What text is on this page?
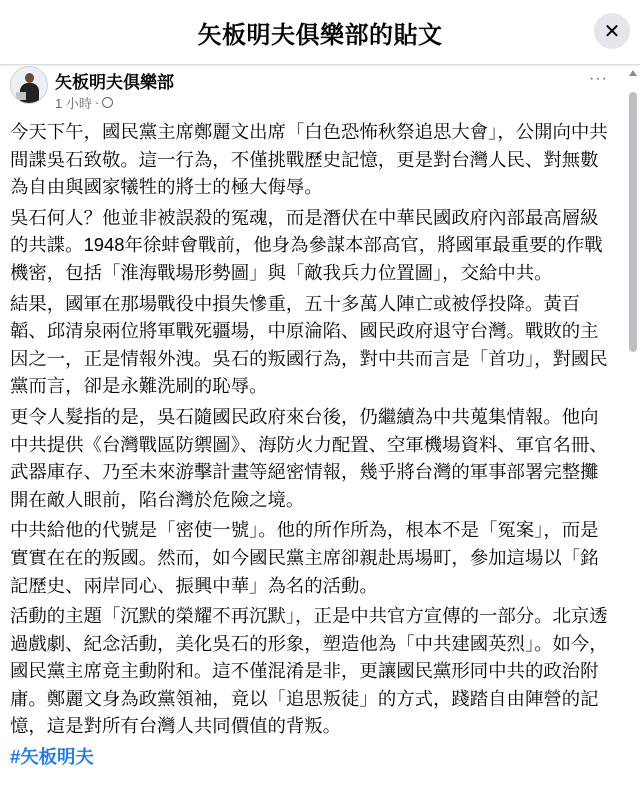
矢板明夫俱樂部的貼文	✕
矢板明夫俱樂部
1 小時 ·
···

今天下午，國民黨主席鄭麗文出席「白色恐怖秋祭追思大會」，公開向中共間諜吳石致敬。這一行為，不僅挑戰歷史記憶，更是對台灣人民、對無數為自由與國家犧牲的將士的極大侮辱。

吳石何人？他並非被誤殺的冤魂，而是潛伏在中華民國政府內部最高層級的共諜。1948年徐蚌會戰前，他身為參謀本部高官，將國軍最重要的作戰機密，包括「淮海戰場形勢圖」與「敵我兵力位置圖」，交給中共。

結果，國軍在那場戰役中損失慘重，五十多萬人陣亡或被俘投降。黃百韜、邱清泉兩位將軍戰死疆場，中原淪陷、國民政府退守台灣。戰敗的主因之一，正是情報外洩。吳石的叛國行為，對中共而言是「首功」，對國民黨而言，卻是永難洗刷的恥辱。

更令人髮指的是，吳石隨國民政府來台後，仍繼續為中共蒐集情報。他向中共提供《台灣戰區防禦圖》、海防火力配置、空軍機場資料、軍官名冊、武器庫存、乃至未來游擊計畫等絕密情報，幾乎將台灣的軍事部署完整攤開在敵人眼前，陷台灣於危險之境。

中共給他的代號是「密使一號」。他的所作所為，根本不是「冤案」，而是實實在在的叛國。然而，如今國民黨主席卻親赴馬場町，參加這場以「銘記歷史、兩岸同心、振興中華」為名的活動。

活動的主題「沉默的榮耀不再沉默」，正是中共官方宣傳的一部分。北京透過戲劇、紀念活動，美化吳石的形象，塑造他為「中共建國英烈」。如今，國民黨主席竟主動附和。這不僅混淆是非，更讓國民黨形同中共的政治附庸。鄭麗文身為政黨領袖，竟以「追思叛徒」的方式，踐踏自由陣營的記憶，這是對所有台灣人共同價值的背叛。

#矢板明夫
